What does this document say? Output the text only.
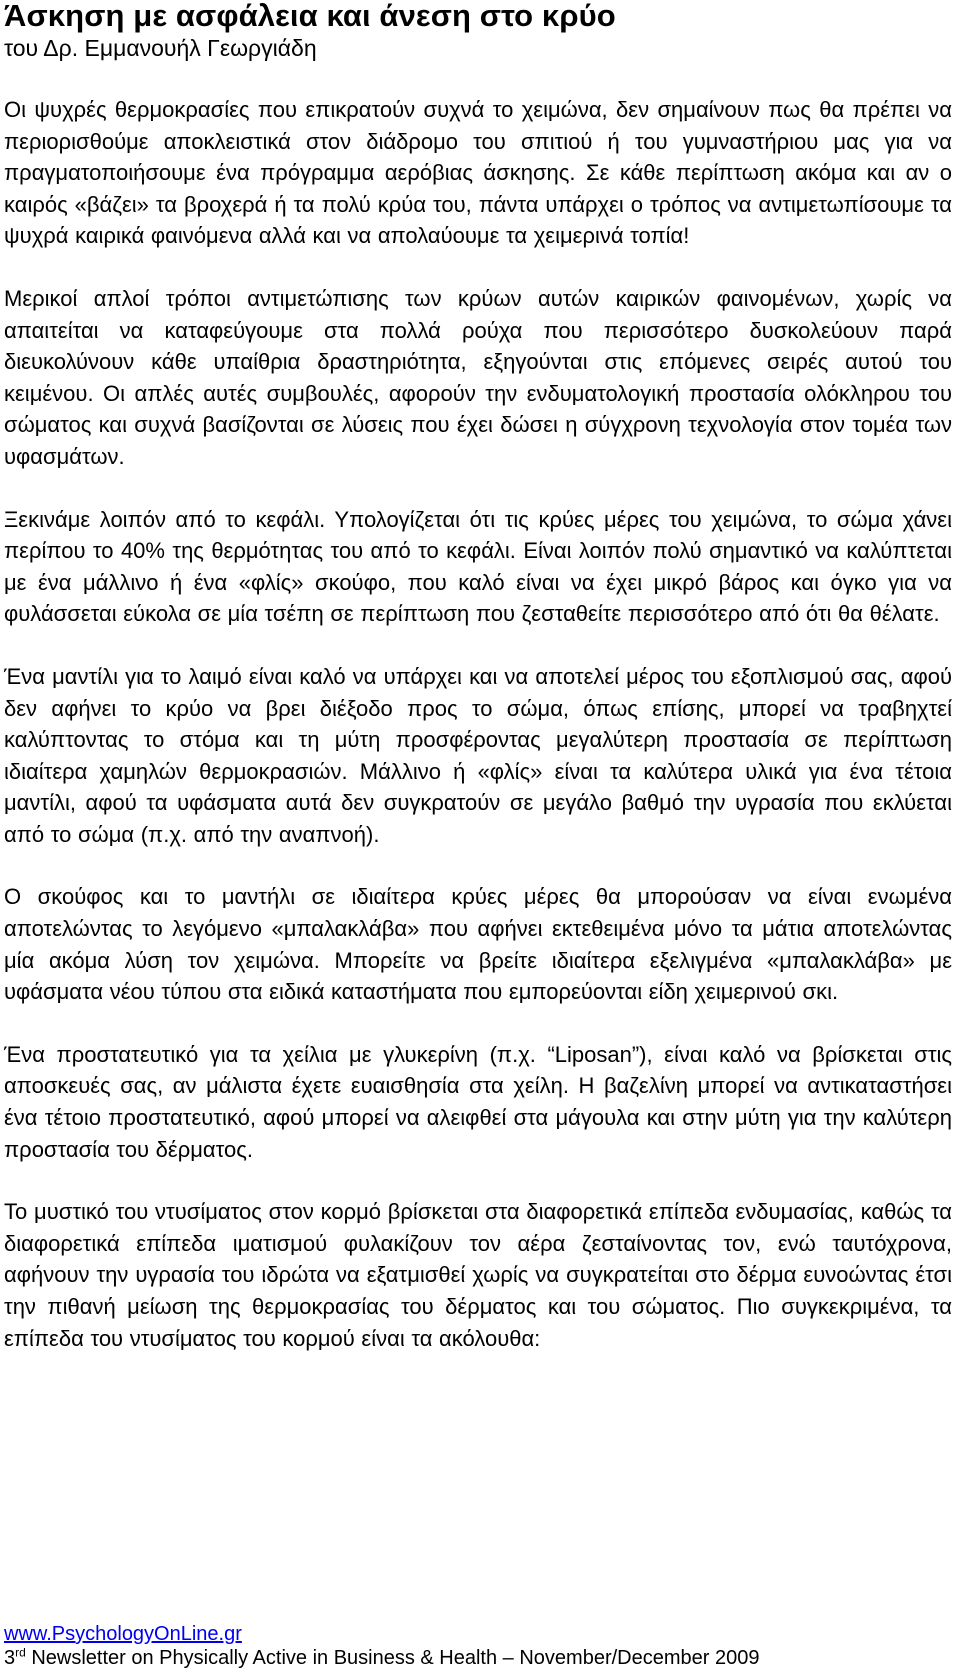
Άσκηση με ασφάλεια και άνεση στο κρύο
του Δρ. Εμμανουήλ Γεωργιάδη

Οι ψυχρές θερμοκρασίες που επικρατούν συχνά το χειμώνα, δεν σημαίνουν πως θα πρέπει να περιορισθούμε αποκλειστικά στον διάδρομο του σπιτιού ή του γυμναστήριου μας για να πραγματοποιήσουμε ένα πρόγραμμα αερόβιας άσκησης. Σε κάθε περίπτωση ακόμα και αν ο καιρός «βάζει» τα βροχερά ή τα πολύ κρύα του, πάντα υπάρχει ο τρόπος να αντιμετωπίσουμε τα ψυχρά καιρικά φαινόμενα αλλά και να απολαύουμε τα χειμερινά τοπία!

Μερικοί απλοί τρόποι αντιμετώπισης των κρύων αυτών καιρικών φαινομένων, χωρίς να απαιτείται να καταφεύγουμε στα πολλά ρούχα που περισσότερο δυσκολεύουν παρά διευκολύνουν κάθε υπαίθρια δραστηριότητα, εξηγούνται στις επόμενες σειρές αυτού του κειμένου. Οι απλές αυτές συμβουλές, αφορούν την ενδυματολογική προστασία ολόκληρου του σώματος και συχνά βασίζονται σε λύσεις που έχει δώσει η σύγχρονη τεχνολογία στον τομέα των υφασμάτων.

Ξεκινάμε λοιπόν από το κεφάλι. Υπολογίζεται ότι τις κρύες μέρες του χειμώνα, το σώμα χάνει περίπου το 40% της θερμότητας του από το κεφάλι. Είναι λοιπόν πολύ σημαντικό να καλύπτεται με ένα μάλλινο ή ένα «φλίς» σκούφο, που καλό είναι να έχει μικρό βάρος και όγκο για να φυλάσσεται εύκολα σε μία τσέπη σε περίπτωση που ζεσταθείτε περισσότερο από ότι θα θέλατε.

Ένα μαντίλι για το λαιμό είναι καλό να υπάρχει και να αποτελεί μέρος του εξοπλισμού σας, αφού δεν αφήνει το κρύο να βρει διέξοδο προς το σώμα, όπως επίσης, μπορεί να τραβηχτεί καλύπτοντας το στόμα και τη μύτη προσφέροντας μεγαλύτερη προστασία σε περίπτωση ιδιαίτερα χαμηλών θερμοκρασιών. Μάλλινο ή «φλίς» είναι τα καλύτερα υλικά για ένα τέτοια μαντίλι, αφού τα υφάσματα αυτά δεν συγκρατούν σε μεγάλο βαθμό την υγρασία που εκλύεται από το σώμα (π.χ. από την αναπνοή).

Ο σκούφος και το μαντήλι σε ιδιαίτερα κρύες μέρες θα μπορούσαν να είναι ενωμένα αποτελώντας το λεγόμενο «μπαλακλάβα» που αφήνει εκτεθειμένα μόνο τα μάτια αποτελώντας μία ακόμα λύση τον χειμώνα. Μπορείτε να βρείτε ιδιαίτερα εξελιγμένα «μπαλακλάβα» με υφάσματα νέου τύπου στα ειδικά καταστήματα που εμπορεύονται είδη χειμερινού σκι.

Ένα προστατευτικό για τα χείλια με γλυκερίνη (π.χ. “Liposan”), είναι καλό να βρίσκεται στις αποσκευές σας, αν μάλιστα έχετε ευαισθησία στα χείλη. Η βαζελίνη μπορεί να αντικαταστήσει ένα τέτοιο προστατευτικό, αφού μπορεί να αλειφθεί στα μάγουλα και στην μύτη για την καλύτερη προστασία του δέρματος.

Το μυστικό του ντυσίματος στον κορμό βρίσκεται στα διαφορετικά επίπεδα ενδυμασίας, καθώς τα διαφορετικά επίπεδα ιματισμού φυλακίζουν τον αέρα ζεσταίνοντας τον, ενώ ταυτόχρονα, αφήνουν την υγρασία του ιδρώτα να εξατμισθεί χωρίς να συγκρατείται στο δέρμα ευνοώντας έτσι την πιθανή μείωση της θερμοκρασίας του δέρματος και του σώματος. Πιο συγκεκριμένα, τα επίπεδα του ντυσίματος του κορμού είναι τα ακόλουθα:

www.PsychologyOnLine.gr
3rd Newsletter on Physically Active in Business & Health – November/December 2009
